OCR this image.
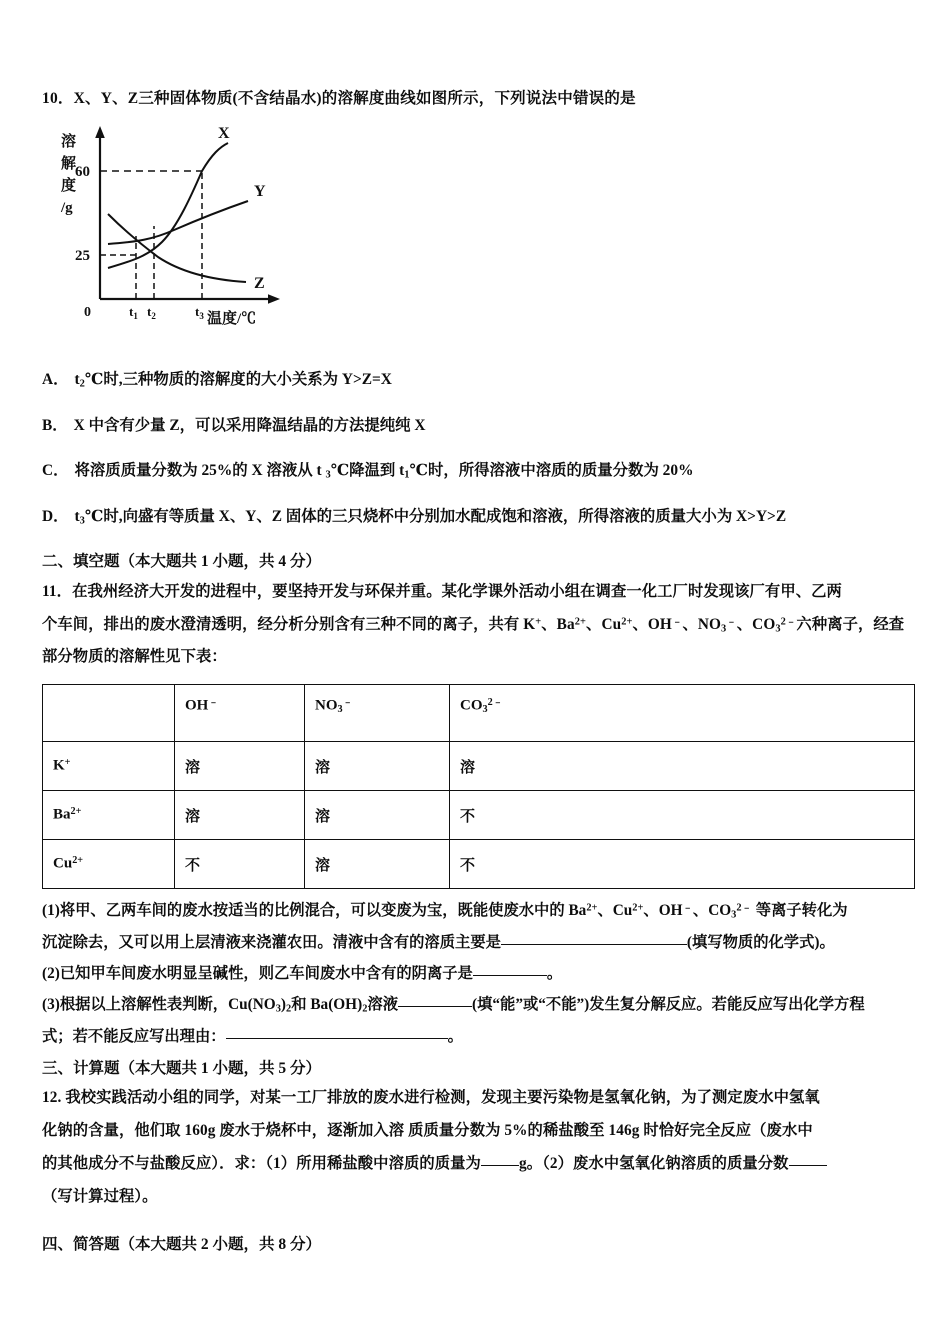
10．X、Y、Z三种固体物质(不含结晶水)的溶解度曲线如图所示，下列说法中错误的是
溶
解
度
/g
60
25
0	$t_1$ $t_2$	$t_3$ 温度/℃
X
Y
Z
A． $t_2℃$时,三种物质的溶解度的大小关系为 Y>Z=X
B． X 中含有少量 Z，可以采用降温结晶的方法提纯纯 X
C． 将溶质质量分数为 25%的 X 溶液从 t $_3$℃降温到 $t_1℃$时，所得溶液中溶质的质量分数为 20%
D． $t_3℃$时,向盛有等质量 X、Y、Z 固体的三只烧杯中分别加水配成饱和溶液，所得溶液的质量大小为 X>Y>Z
二、填空题（本大题共 1 小题，共 4 分）
11．在我州经济大开发的进程中，要坚持开发与环保并重。某化学课外活动小组在调查一化工厂时发现该厂有甲、乙两
个车间，排出的废水澄清透明，经分析分别含有三种不同的离子，共有 K+、$Ba^{2+}$、$Cu^{2+}$、OH﹣、$NO_3^﹣$、$CO_3^{2﹣}$六种离子，经查
部分物质的溶解性见下表：
	OH﹣	$NO_3^﹣$	$CO_3^{2﹣}$
K+	溶	溶	溶
$Ba^{2+}$	溶	溶	不
$Cu^{2+}$	不	溶	不
(1)将甲、乙两车间的废水按适当的比例混合，可以变废为宝，既能使废水中的 $Ba^{2+}$、$Cu^{2+}$、OH﹣、$CO_3^{2﹣}$ 等离子转化为
沉淀除去，又可以用上层清液来浇灌农田。清液中含有的溶质主要是	(填写物质的化学式)。
(2)已知甲车间废水明显呈碱性，则乙车间废水中含有的阴离子是	。
(3)根据以上溶解性表判断，$Cu(NO_3)_2$和 $Ba(OH)_2$溶液	(填“能”或“不能”)发生复分解反应。若能反应写出化学方程
式；若不能反应写出理由：	。
三、计算题（本大题共 1 小题，共 5 分）
12. 我校实践活动小组的同学，对某一工厂排放的废水进行检测，发现主要污染物是氢氧化钠，为了测定废水中氢氧
化钠的含量，他们取 160g 废水于烧杯中，逐渐加入溶 质质量分数为 5%的稀盐酸至 146g 时恰好完全反应（废水中
的其他成分不与盐酸反应）．求：（1）所用稀盐酸中溶质的质量为 g。（2）废水中氢氧化钠溶质的质量分数
（写计算过程）。
四、简答题（本大题共 2 小题，共 8 分）
